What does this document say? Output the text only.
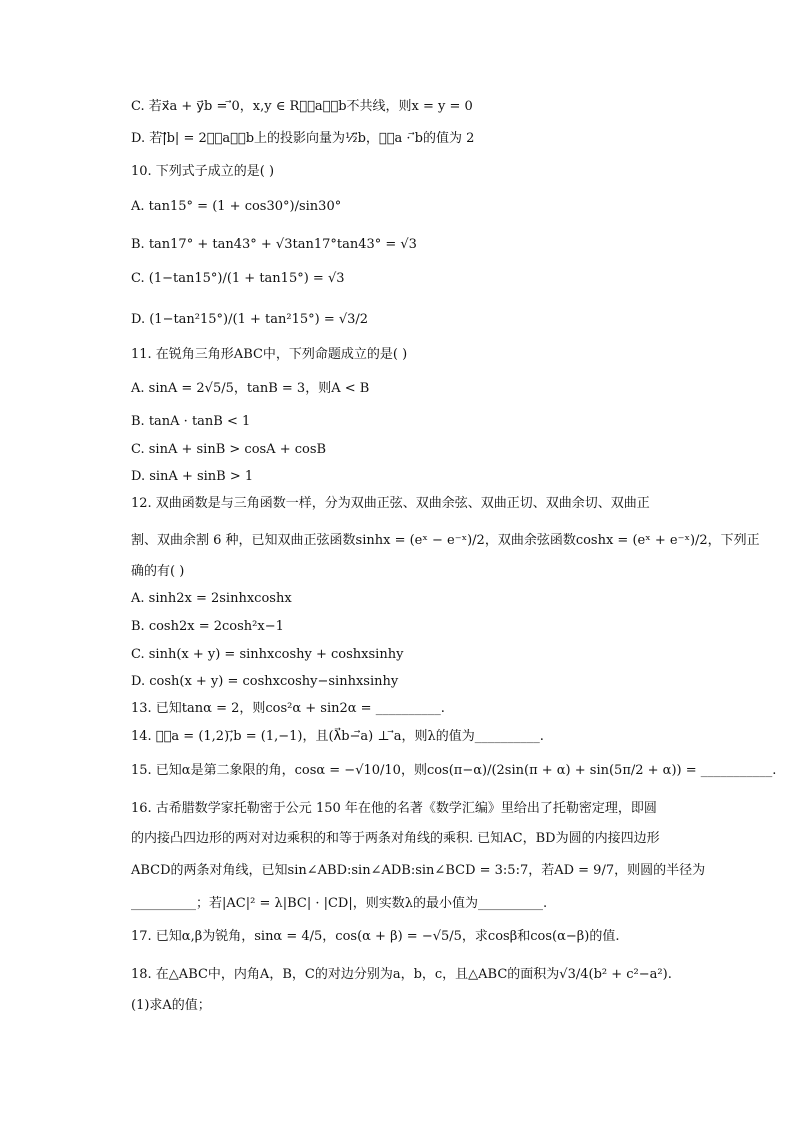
C. 若x⃗a + y⃗b = ⃗0，x,y ∈ R，⃗a，⃗b不共线，则x = y = 0
D. 若|⃗b| = 2，⃗a在⃗b上的投影向量为½⃗b，则⃗a · ⃗b的值为 2
10. 下列式子成立的是( )
A. tan15° = (1 + cos30°)/sin30°
B. tan17° + tan43° + √3tan17°tan43° = √3
C. (1−tan15°)/(1 + tan15°) = √3
D. (1−tan²15°)/(1 + tan²15°) = √3/2
11. 在锐角三角形ABC中，下列命题成立的是( )
A. sinA = 2√5/5，tanB = 3，则A < B
B. tanA · tanB < 1
C. sinA + sinB > cosA + cosB
D. sinA + sinB > 1
12. 双曲函数是与三角函数一样，分为双曲正弦、双曲余弦、双曲正切、双曲余切、双曲正
割、双曲余割 6 种，已知双曲正弦函数sinhx = (eˣ − e⁻ˣ)/2，双曲余弦函数coshx = (eˣ + e⁻ˣ)/2，下列正
确的有( )
A. sinh2x = 2sinhxcoshx
B. cosh2x = 2cosh²x−1
C. sinh(x + y) = sinhxcoshy + coshxsinhy
D. cosh(x + y) = coshxcoshy−sinhxsinhy
13. 已知tanα = 2，则cos²α + sin2α = __________.
14. 若⃗a = (1,2),⃗b = (1,−1)，且(λ⃗b−⃗a) ⊥ ⃗a，则λ的值为__________.
15. 已知α是第二象限的角，cosα = −√10/10，则cos(π−α)/(2sin(π + α) + sin(5π/2 + α)) = ___________.
16. 古希腊数学家托勒密于公元 150 年在他的名著《数学汇编》里给出了托勒密定理，即圆
的内接凸四边形的两对对边乘积的和等于两条对角线的乘积. 已知AC，BD为圆的内接四边形
ABCD的两条对角线，已知sin∠ABD:sin∠ADB:sin∠BCD = 3:5:7，若AD = 9/7，则圆的半径为
__________；若|AC|² = λ|BC| · |CD|，则实数λ的最小值为__________.
17. 已知α,β为锐角，sinα = 4/5，cos(α + β) = −√5/5，求cosβ和cos(α−β)的值.
18. 在△ABC中，内角A，B，C的对边分别为a，b，c，且△ABC的面积为√3/4(b² + c²−a²).
(1)求A的值；
